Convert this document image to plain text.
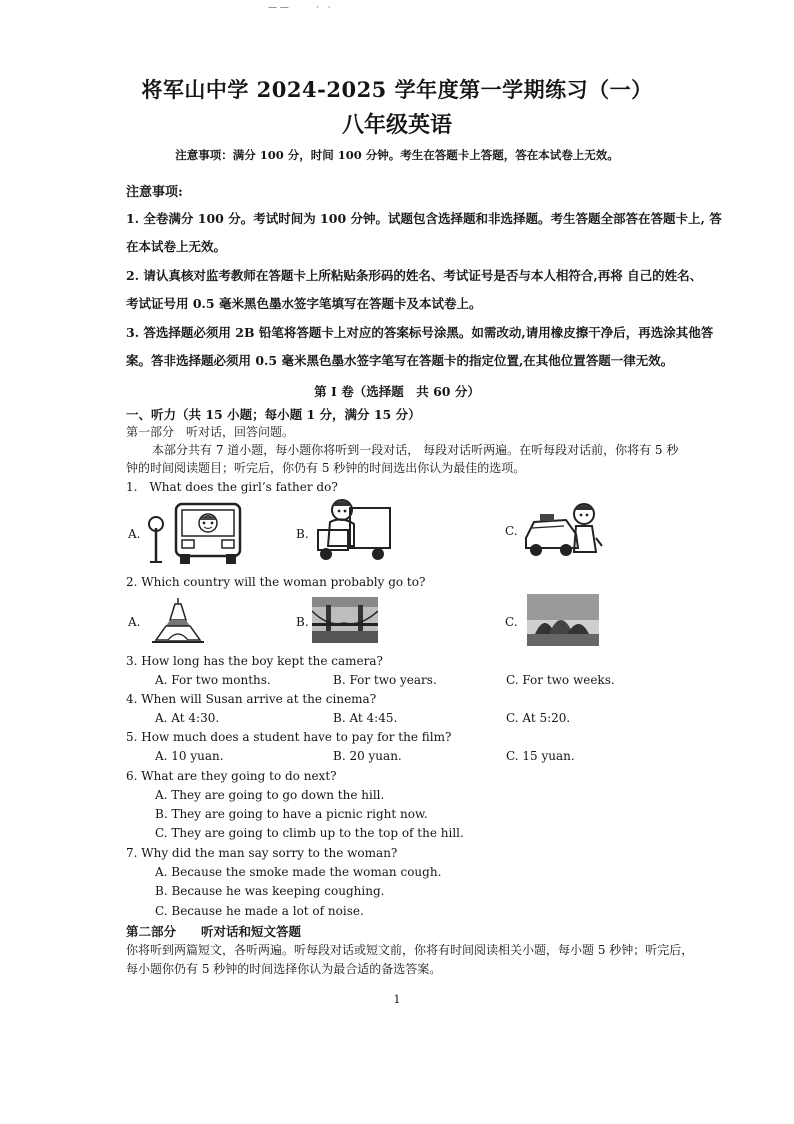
— —　　　·　·
将军山中学 2024-2025 学年度第一学期练习（一）
八年级英语
注意事项：满分 100 分，时间 100 分钟。考生在答题卡上答题，答在本试卷上无效。
注意事项:
1. 全卷满分 100 分。考试时间为 100 分钟。试题包含选择题和非选择题。考生答题全部答在答题卡上, 答
在本试卷上无效。
2. 请认真核对监考教师在答题卡上所粘贴条形码的姓名、考试证号是否与本人相符合,再将 自己的姓名、
考试证号用 0.5 毫米黑色墨水签字笔填写在答题卡及本试卷上。
3. 答选择题必须用 2B 铅笔将答题卡上对应的答案标号涂黑。如需改动,请用橡皮擦干净后，再选涂其他答
案。答非选择题必须用 0.5 毫米黑色墨水签字笔写在答题卡的指定位置,在其他位置答题一律无效。
第 I 卷（选择题　共 60 分）
一、听力（共 15 小题；每小题 1 分，满分 15 分）
第一部分　听对话，回答问题。
本部分共有 7 道小题，每小题你将听到一段对话， 每段对话听两遍。在听每段对话前，你将有 5 秒
钟的时间阅读题目；听完后，你仍有 5 秒钟的时间选出你认为最佳的选项。
1.　What does the girl’s father do?
A.	B.	C.
2. Which country will the woman probably go to?
A.	B.	C.
3. How long has the boy kept the camera?
A. For two months.	B. For two years.	C. For two weeks.
4. When will Susan arrive at the cinema?
A. At 4:30.	B. At 4:45.	C. At 5:20.
5. How much does a student have to pay for the film?
A. 10 yuan.	B. 20 yuan.	C. 15 yuan.
6. What are they going to do next?
A. They are going to go down the hill.
B. They are going to have a picnic right now.
C. They are going to climb up to the top of the hill.
7. Why did the man say sorry to the woman?
A. Because the smoke made the woman cough.
B. Because he was keeping coughing.
C. Because he made a lot of noise.
第二部分　　听对话和短文答题
你将听到两篇短文，各听两遍。听每段对话或短文前，你将有时间阅读相关小题，每小题 5 秒钟；听完后，
每小题你仍有 5 秒钟的时间选择你认为最合适的备选答案。
1
